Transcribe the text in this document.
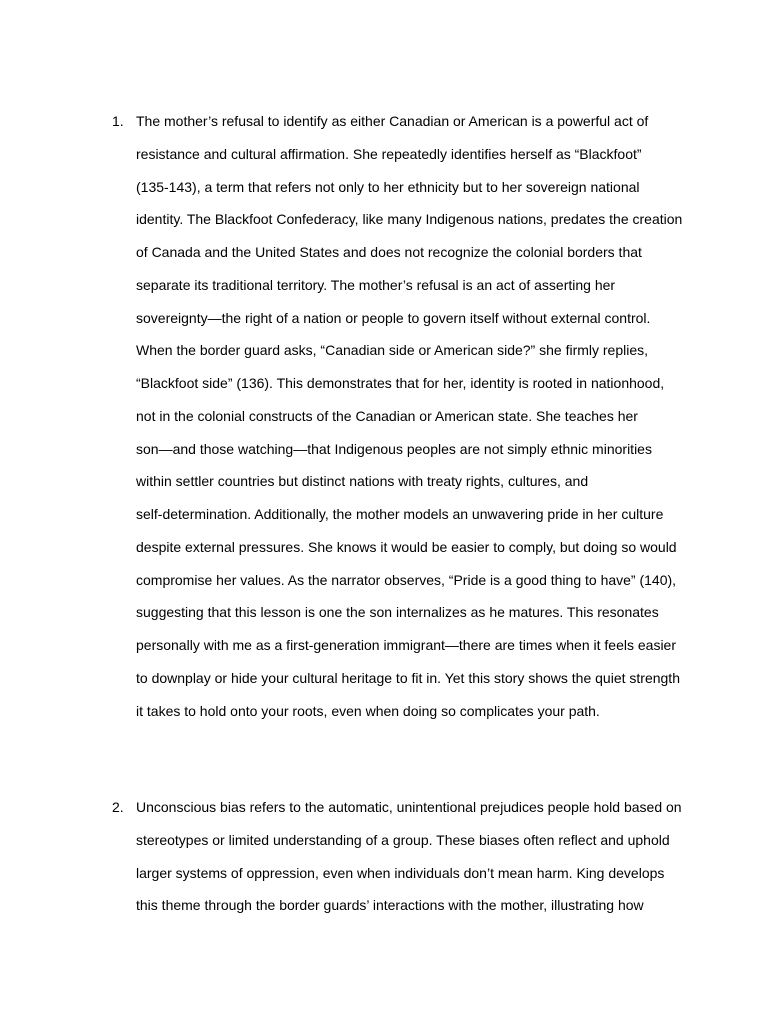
1. The mother’s refusal to identify as either Canadian or American is a powerful act of
resistance and cultural affirmation. She repeatedly identifies herself as “Blackfoot”
(135-143), a term that refers not only to her ethnicity but to her sovereign national
identity. The Blackfoot Confederacy, like many Indigenous nations, predates the creation
of Canada and the United States and does not recognize the colonial borders that
separate its traditional territory. The mother’s refusal is an act of asserting her
sovereignty—the right of a nation or people to govern itself without external control.
When the border guard asks, “Canadian side or American side?” she firmly replies,
“Blackfoot side” (136). This demonstrates that for her, identity is rooted in nationhood,
not in the colonial constructs of the Canadian or American state. She teaches her
son—and those watching—that Indigenous peoples are not simply ethnic minorities
within settler countries but distinct nations with treaty rights, cultures, and
self-determination. Additionally, the mother models an unwavering pride in her culture
despite external pressures. She knows it would be easier to comply, but doing so would
compromise her values. As the narrator observes, “Pride is a good thing to have” (140),
suggesting that this lesson is one the son internalizes as he matures. This resonates
personally with me as a first-generation immigrant—there are times when it feels easier
to downplay or hide your cultural heritage to fit in. Yet this story shows the quiet strength
it takes to hold onto your roots, even when doing so complicates your path.
2. Unconscious bias refers to the automatic, unintentional prejudices people hold based on
stereotypes or limited understanding of a group. These biases often reflect and uphold
larger systems of oppression, even when individuals don’t mean harm. King develops
this theme through the border guards’ interactions with the mother, illustrating how
